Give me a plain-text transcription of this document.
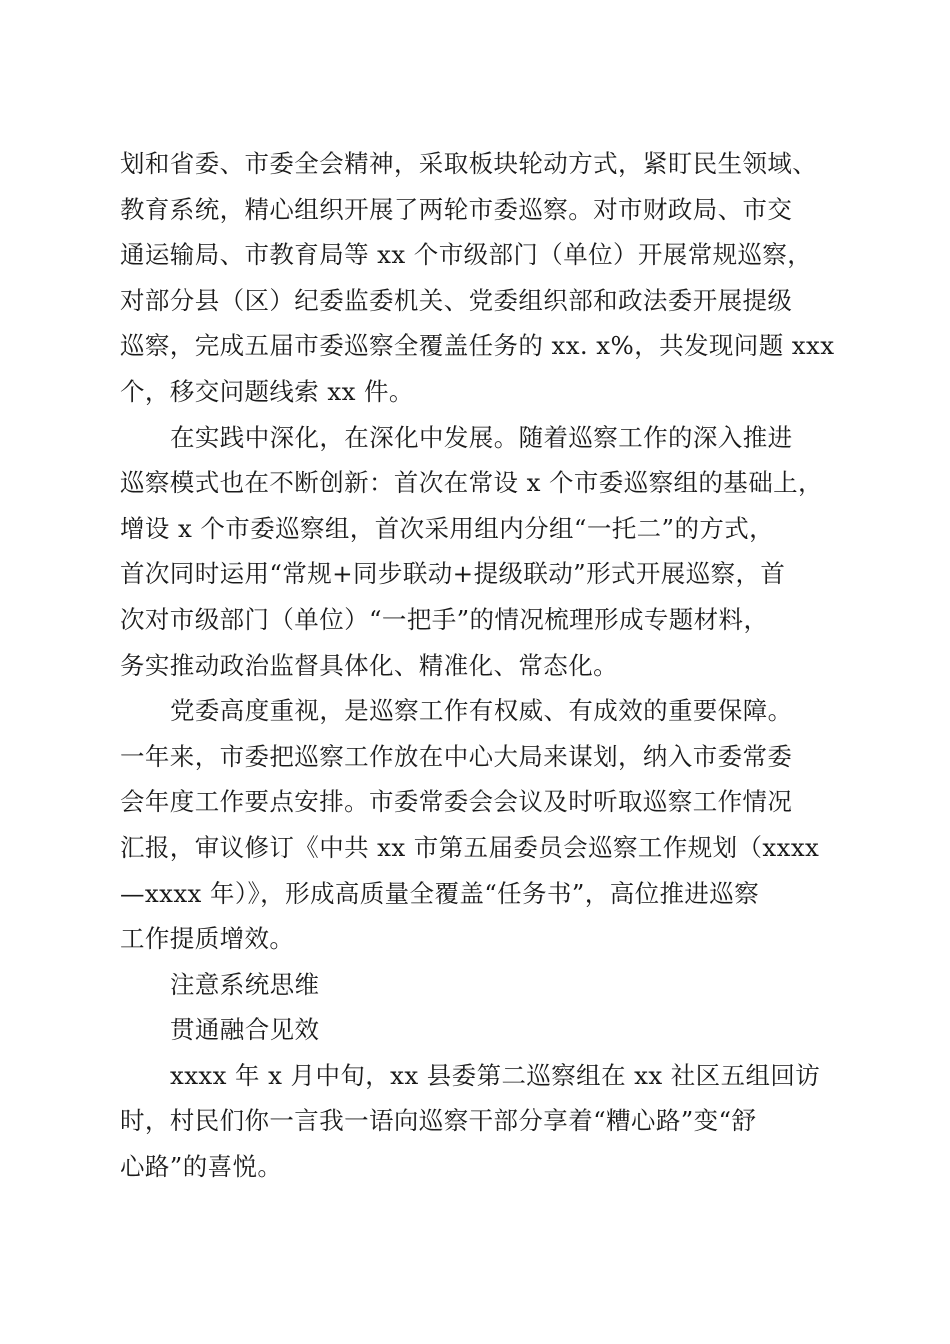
划和省委、市委全会精神，采取板块轮动方式，紧盯民生领域、
教育系统，精心组织开展了两轮市委巡察。对市财政局、市交
通运输局、市教育局等 xx 个市级部门（单位）开展常规巡察，
对部分县（区）纪委监委机关、党委组织部和政法委开展提级
巡察，完成五届市委巡察全覆盖任务的 xx. x%，共发现问题 xxx
个，移交问题线索 xx 件。
在实践中深化，在深化中发展。随着巡察工作的深入推进
巡察模式也在不断创新：首次在常设 x 个市委巡察组的基础上，
增设 x 个市委巡察组，首次采用组内分组“一托二”的方式，
首次同时运用“常规+同步联动+提级联动”形式开展巡察，首
次对市级部门（单位）“一把手”的情况梳理形成专题材料，
务实推动政治监督具体化、精准化、常态化。
党委高度重视，是巡察工作有权威、有成效的重要保障。
一年来，市委把巡察工作放在中心大局来谋划，纳入市委常委
会年度工作要点安排。市委常委会会议及时听取巡察工作情况
汇报，审议修订《中共 xx 市第五届委员会巡察工作规划（xxxx
—xxxx 年）》，形成高质量全覆盖“任务书”，高位推进巡察
工作提质增效。
注意系统思维
贯通融合见效
xxxx 年 x 月中旬，xx 县委第二巡察组在 xx 社区五组回访
时，村民们你一言我一语向巡察干部分享着“糟心路”变“舒
心路”的喜悦。
